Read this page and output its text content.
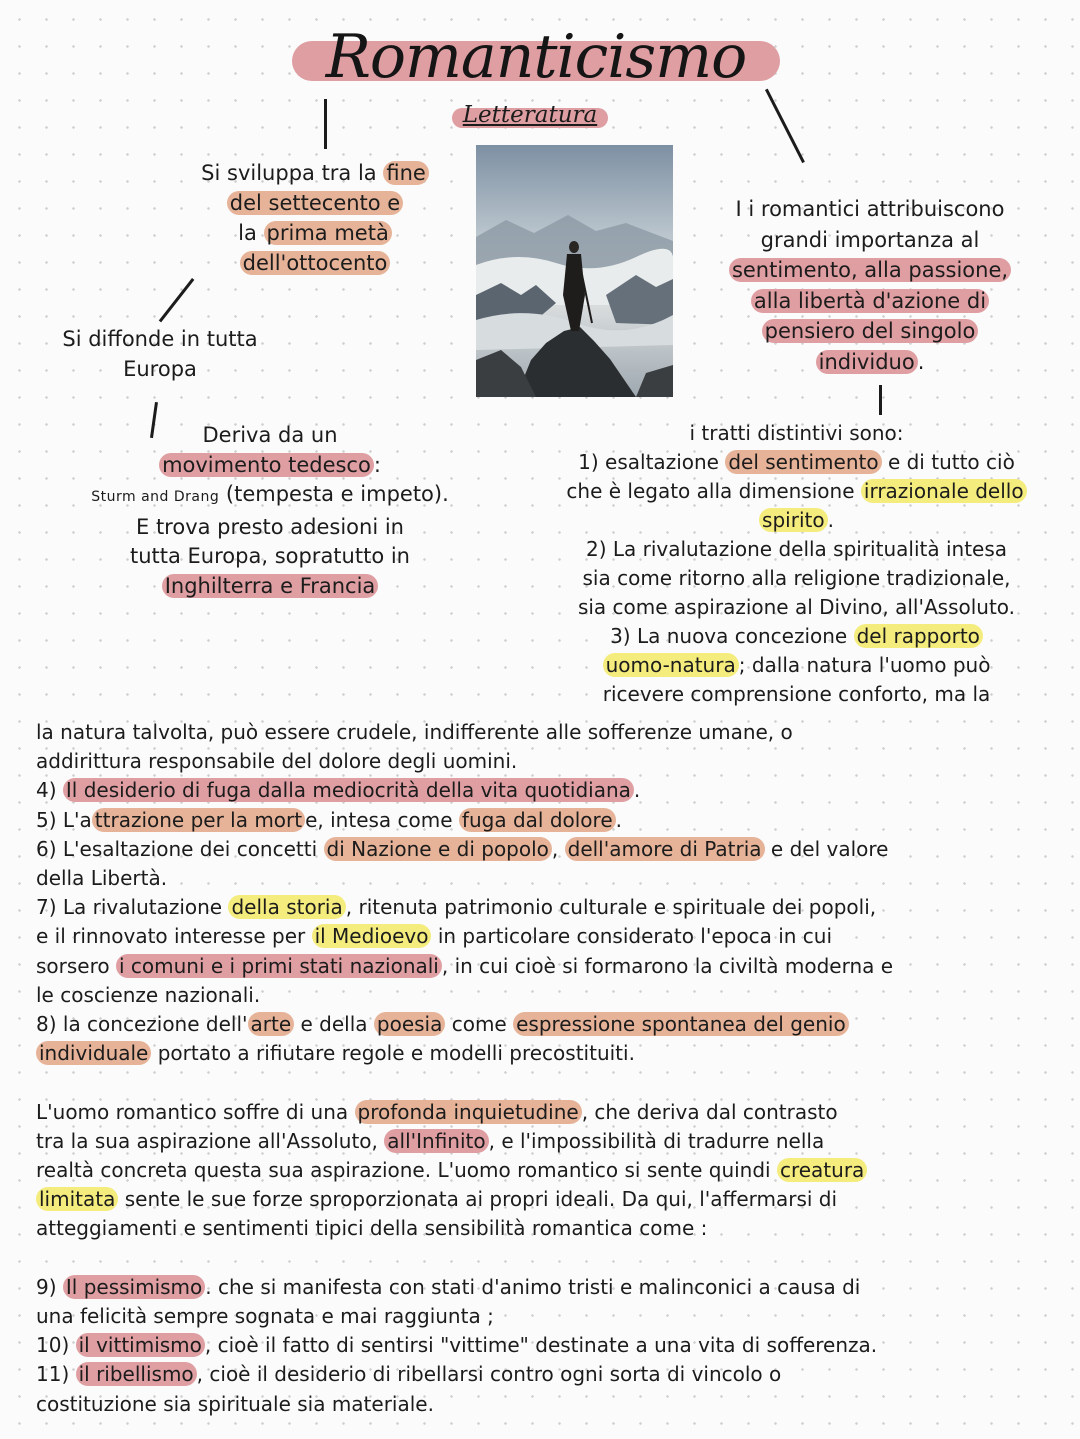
Romanticismo
Letteratura
Si sviluppa tra la fine
del settecento e
la prima metà
dell'ottocento
Si diffonde in tutta
Europa
Deriva da un
movimento tedesco :
Sturm and Drang (tempesta e impeto).
E trova presto adesioni in
tutta Europa, sopratutto in
Inghilterra e Francia
I i romantici attribuiscono
grandi importanza al
sentimento, alla passione,
alla libertà d'azione di
pensiero del singolo
individuo .
i tratti distintivi sono:
1) esaltazione del sentimento e di tutto ciò
che è legato alla dimensione irrazionale dello
spirito .
2) La rivalutazione della spiritualità intesa
sia come ritorno alla religione tradizionale,
sia come aspirazione al Divino, all'Assoluto.
3) La nuova concezione del rapporto
uomo-natura ; dalla natura l'uomo può
ricevere comprensione conforto, ma la
la natura talvolta, può essere crudele, indifferente alle sofferenze umane, o
addirittura responsabile del dolore degli uomini.
4) Il desiderio di fuga dalla mediocrità della vita quotidiana .
5) L'a ttrazione per la mort e, intesa come fuga dal dolore .
6) L'esaltazione dei concetti di Nazione e di popolo , dell'amore di Patria e del valore
della Libertà.
7) La rivalutazione della storia , ritenuta patrimonio culturale e spirituale dei popoli,
e il rinnovato interesse per il Medioevo in particolare considerato l'epoca in cui
sorsero i comuni e i primi stati nazionali , in cui cioè si formarono la civiltà moderna e
le coscienze nazionali.
8) la concezione dell' arte e della poesia come espressione spontanea del genio
individuale portato a rifiutare regole e modelli precostituiti.
L'uomo romantico soffre di una profonda inquietudine , che deriva dal contrasto
tra la sua aspirazione all'Assoluto, all'Infinito , e l'impossibilità di tradurre nella
realtà concreta questa sua aspirazione. L'uomo romantico si sente quindi creatura
limitata sente le sue forze sproporzionata ai propri ideali. Da qui, l'affermarsi di
atteggiamenti e sentimenti tipici della sensibilità romantica come :
9) Il pessimismo . che si manifesta con stati d'animo tristi e malinconici a causa di
una felicità sempre sognata e mai raggiunta ;
10) il vittimismo , cioè il fatto di sentirsi "vittime" destinate a una vita di sofferenza.
11) il ribellismo , cioè il desiderio di ribellarsi contro ogni sorta di vincolo o
costituzione sia spirituale sia materiale.
